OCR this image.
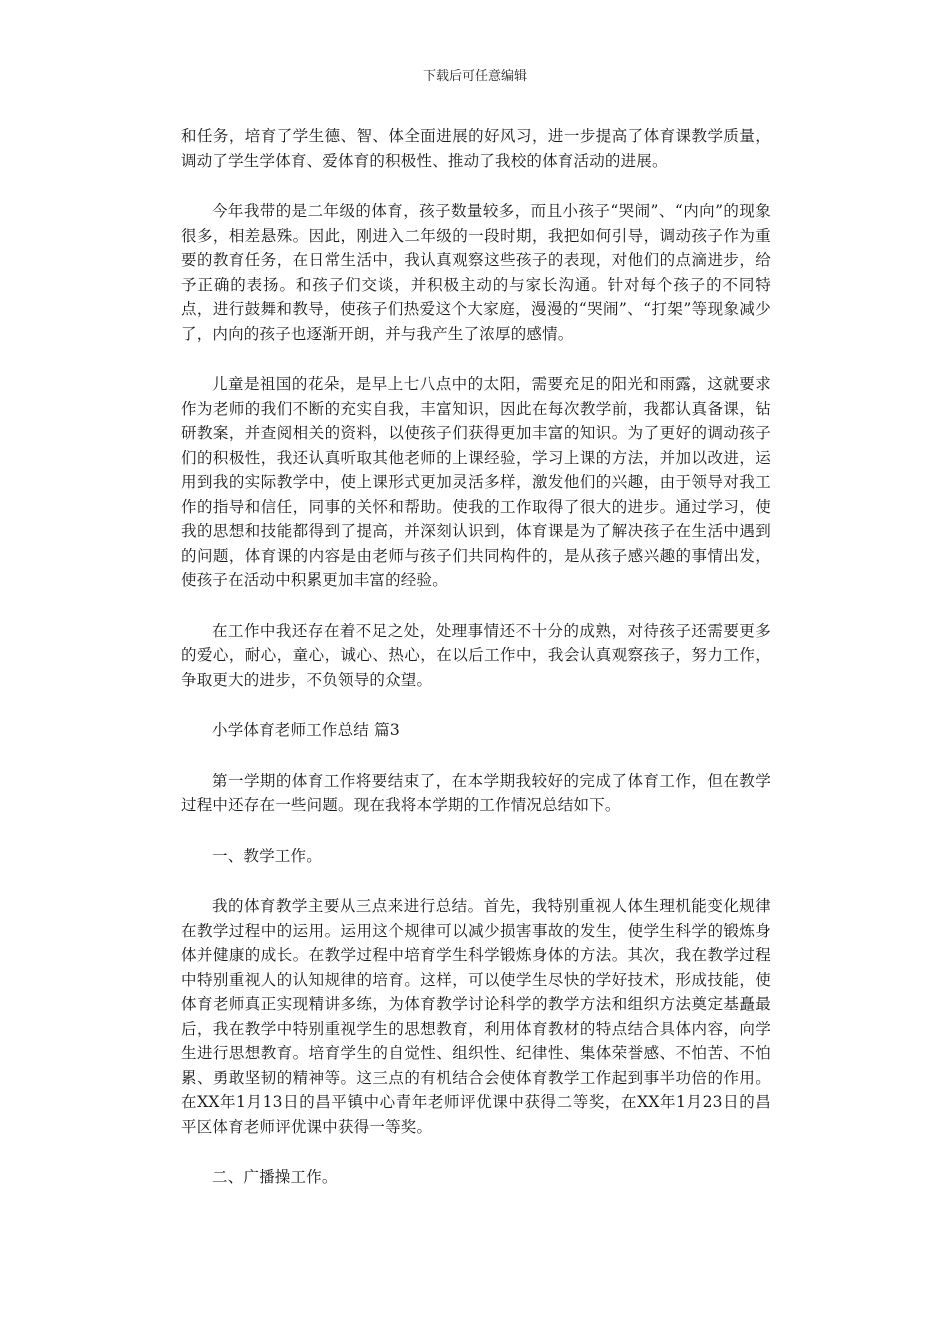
下载后可任意编辑

和任务，培育了学生德、智、体全面进展的好风习，进一步提高了体育课教学质量，调动了学生学体育、爱体育的积极性、推动了我校的体育活动的进展。

今年我带的是二年级的体育，孩子数量较多，而且小孩子“哭闹”、“内向”的现象很多，相差悬殊。因此，刚进入二年级的一段时期，我把如何引导，调动孩子作为重要的教育任务，在日常生活中，我认真观察这些孩子的表现，对他们的点滴进步，给予正确的表扬。和孩子们交谈，并积极主动的与家长沟通。针对每个孩子的不同特点，进行鼓舞和教导，使孩子们热爱这个大家庭，漫漫的“哭闹”、“打架”等现象减少了，内向的孩子也逐渐开朗，并与我产生了浓厚的感情。

儿童是祖国的花朵，是早上七八点中的太阳，需要充足的阳光和雨露，这就要求作为老师的我们不断的充实自我，丰富知识，因此在每次教学前，我都认真备课，钻研教案，并查阅相关的资料，以使孩子们获得更加丰富的知识。为了更好的调动孩子们的积极性，我还认真听取其他老师的上课经验，学习上课的方法，并加以改进，运用到我的实际教学中，使上课形式更加灵活多样，激发他们的兴趣，由于领导对我工作的指导和信任，同事的关怀和帮助。使我的工作取得了很大的进步。通过学习，使我的思想和技能都得到了提高，并深刻认识到，体育课是为了解决孩子在生活中遇到的问题，体育课的内容是由老师与孩子们共同构件的，是从孩子感兴趣的事情出发，使孩子在活动中积累更加丰富的经验。

在工作中我还存在着不足之处，处理事情还不十分的成熟，对待孩子还需要更多的爱心，耐心，童心，诚心、热心，在以后工作中，我会认真观察孩子，努力工作，争取更大的进步，不负领导的众望。

小学体育老师工作总结 篇3

第一学期的体育工作将要结束了，在本学期我较好的完成了体育工作，但在教学过程中还存在一些问题。现在我将本学期的工作情况总结如下。

一、教学工作。

我的体育教学主要从三点来进行总结。首先，我特别重视人体生理机能变化规律在教学过程中的运用。运用这个规律可以减少损害事故的发生，使学生科学的锻炼身体并健康的成长。在教学过程中培育学生科学锻炼身体的方法。其次，我在教学过程中特别重视人的认知规律的培育。这样，可以使学生尽快的学好技术，形成技能，使体育老师真正实现精讲多练，为体育教学讨论科学的教学方法和组织方法奠定基矗最后，我在教学中特别重视学生的思想教育，利用体育教材的特点结合具体内容，向学生进行思想教育。培育学生的自觉性、组织性、纪律性、集体荣誉感、不怕苦、不怕累、勇敢坚韧的精神等。这三点的有机结合会使体育教学工作起到事半功倍的作用。在XX年1月13日的昌平镇中心青年老师评优课中获得二等奖，在XX年1月23日的昌平区体育老师评优课中获得一等奖。

二、广播操工作。
